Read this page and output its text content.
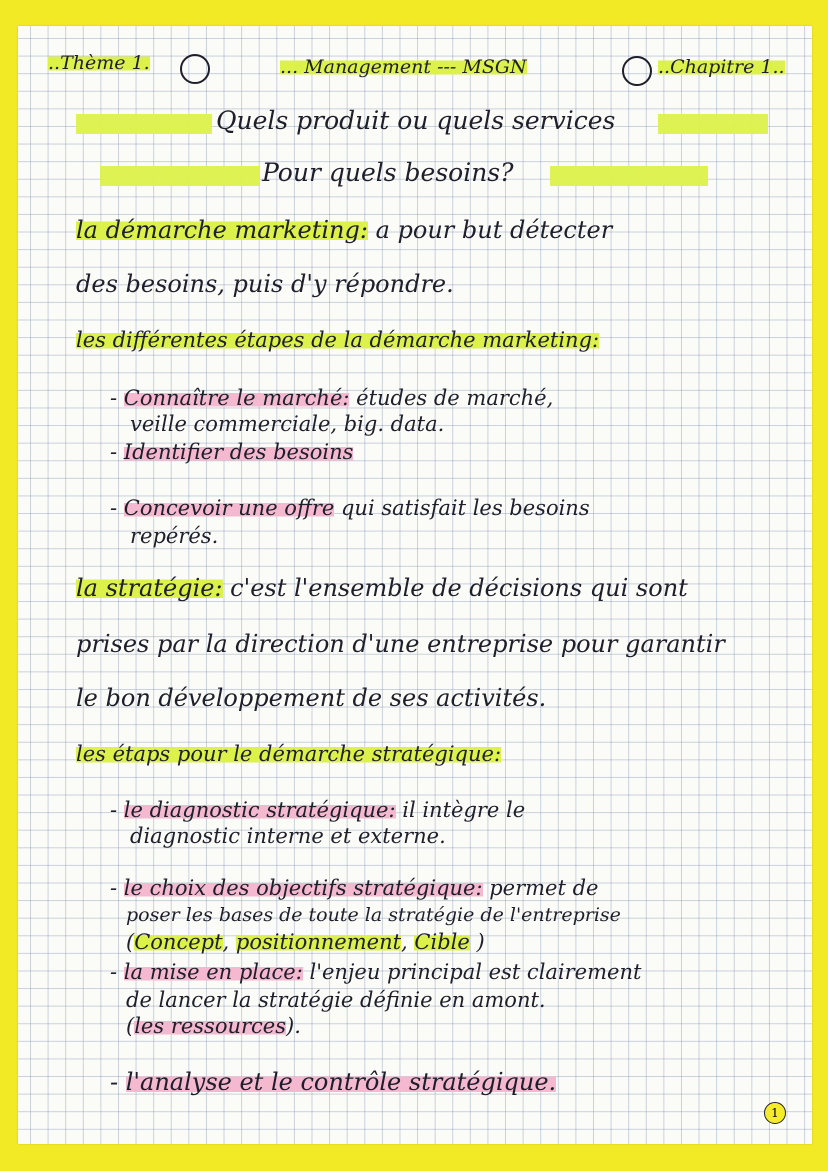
..Thème 1.	... Management --- MSGN	..Chapitre 1..
Quels produit ou quels services
Pour quels besoins?
la démarche marketing: a pour but détecter
des besoins, puis d'y répondre.
les différentes étapes de la démarche marketing:
- Connaître le marché: études de marché,
veille commerciale, big. data.
- Identifier des besoins
- Concevoir une offre qui satisfait les besoins
repérés.
la stratégie: c'est l'ensemble de décisions qui sont
prises par la direction d'une entreprise pour garantir
le bon développement de ses activités.
les étaps pour le démarche stratégique:
- le diagnostic stratégique: il intègre le
diagnostic interne et externe.
- le choix des objectifs stratégique: permet de
poser les bases de toute la stratégie de l'entreprise
(Concept, positionnement, Cible )
- la mise en place: l'enjeu principal est clairement
de lancer la stratégie définie en amont.
(les ressources).
- l'analyse et le contrôle stratégique.
1
